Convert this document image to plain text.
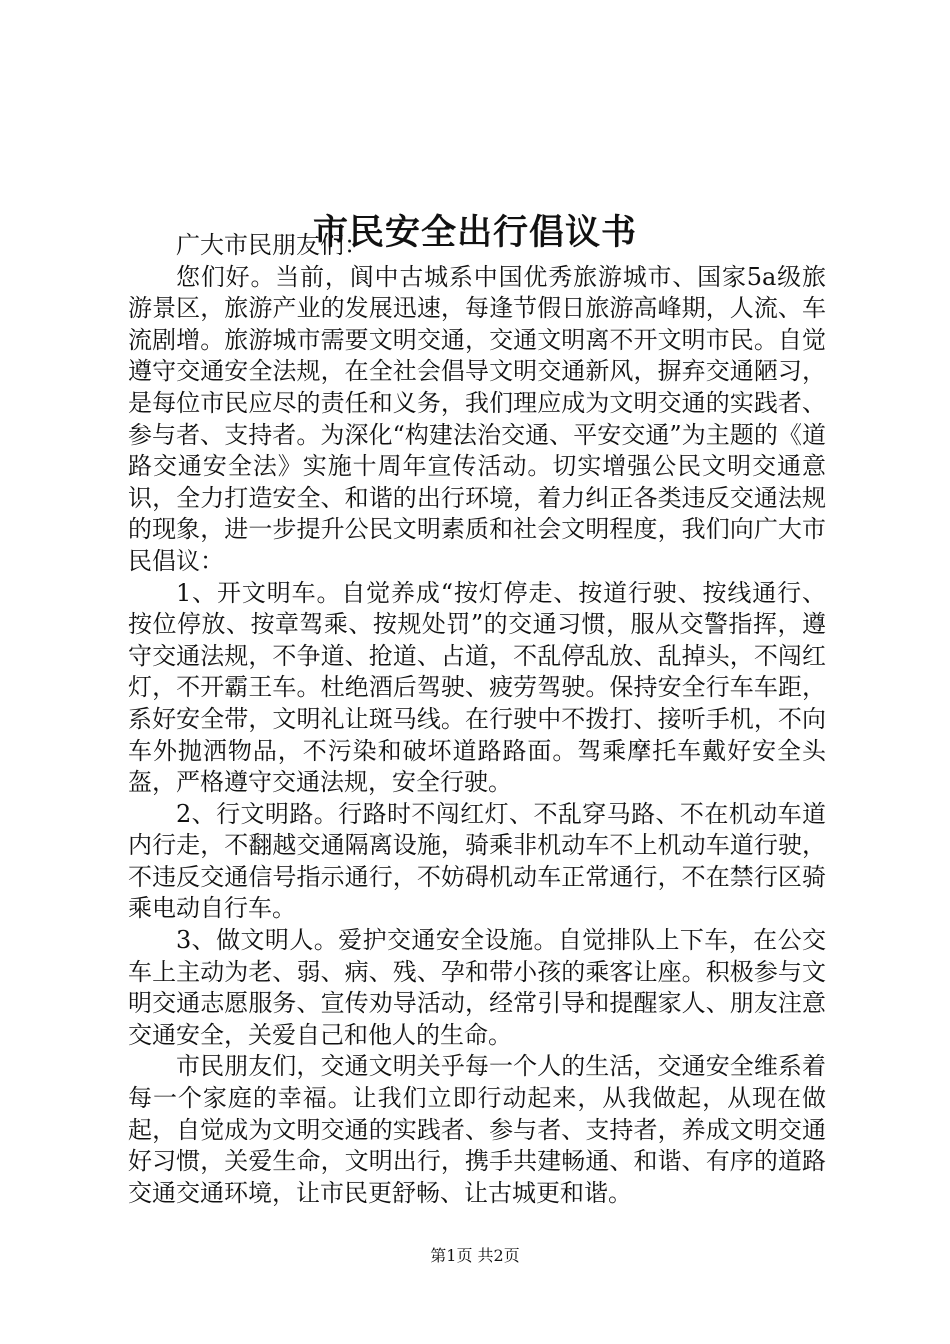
市民安全出行倡议书

广大市民朋友们：

您们好。当前，阆中古城系中国优秀旅游城市、国家5a级旅游景区，旅游产业的发展迅速，每逢节假日旅游高峰期，人流、车流剧增。旅游城市需要文明交通，交通文明离不开文明市民。自觉遵守交通安全法规，在全社会倡导文明交通新风，摒弃交通陋习，是每位市民应尽的责任和义务，我们理应成为文明交通的实践者、参与者、支持者。为深化“构建法治交通、平安交通”为主题的《道路交通安全法》实施十周年宣传活动。切实增强公民文明交通意识，全力打造安全、和谐的出行环境，着力纠正各类违反交通法规的现象，进一步提升公民文明素质和社会文明程度，我们向广大市民倡议：

1、开文明车。自觉养成“按灯停走、按道行驶、按线通行、按位停放、按章驾乘、按规处罚”的交通习惯，服从交警指挥，遵守交通法规，不争道、抢道、占道，不乱停乱放、乱掉头，不闯红灯，不开霸王车。杜绝酒后驾驶、疲劳驾驶。保持安全行车车距，系好安全带，文明礼让斑马线。在行驶中不拨打、接听手机，不向车外抛洒物品，不污染和破坏道路路面。驾乘摩托车戴好安全头盔，严格遵守交通法规，安全行驶。

2、行文明路。行路时不闯红灯、不乱穿马路、不在机动车道内行走，不翻越交通隔离设施，骑乘非机动车不上机动车道行驶，不违反交通信号指示通行，不妨碍机动车正常通行，不在禁行区骑乘电动自行车。

3、做文明人。爱护交通安全设施。自觉排队上下车，在公交车上主动为老、弱、病、残、孕和带小孩的乘客让座。积极参与文明交通志愿服务、宣传劝导活动，经常引导和提醒家人、朋友注意交通安全，关爱自己和他人的生命。

市民朋友们，交通文明关乎每一个人的生活，交通安全维系着每一个家庭的幸福。让我们立即行动起来，从我做起，从现在做起，自觉成为文明交通的实践者、参与者、支持者，养成文明交通好习惯，关爱生命，文明出行，携手共建畅通、和谐、有序的道路交通交通环境，让市民更舒畅、让古城更和谐。

第1页 共2页
